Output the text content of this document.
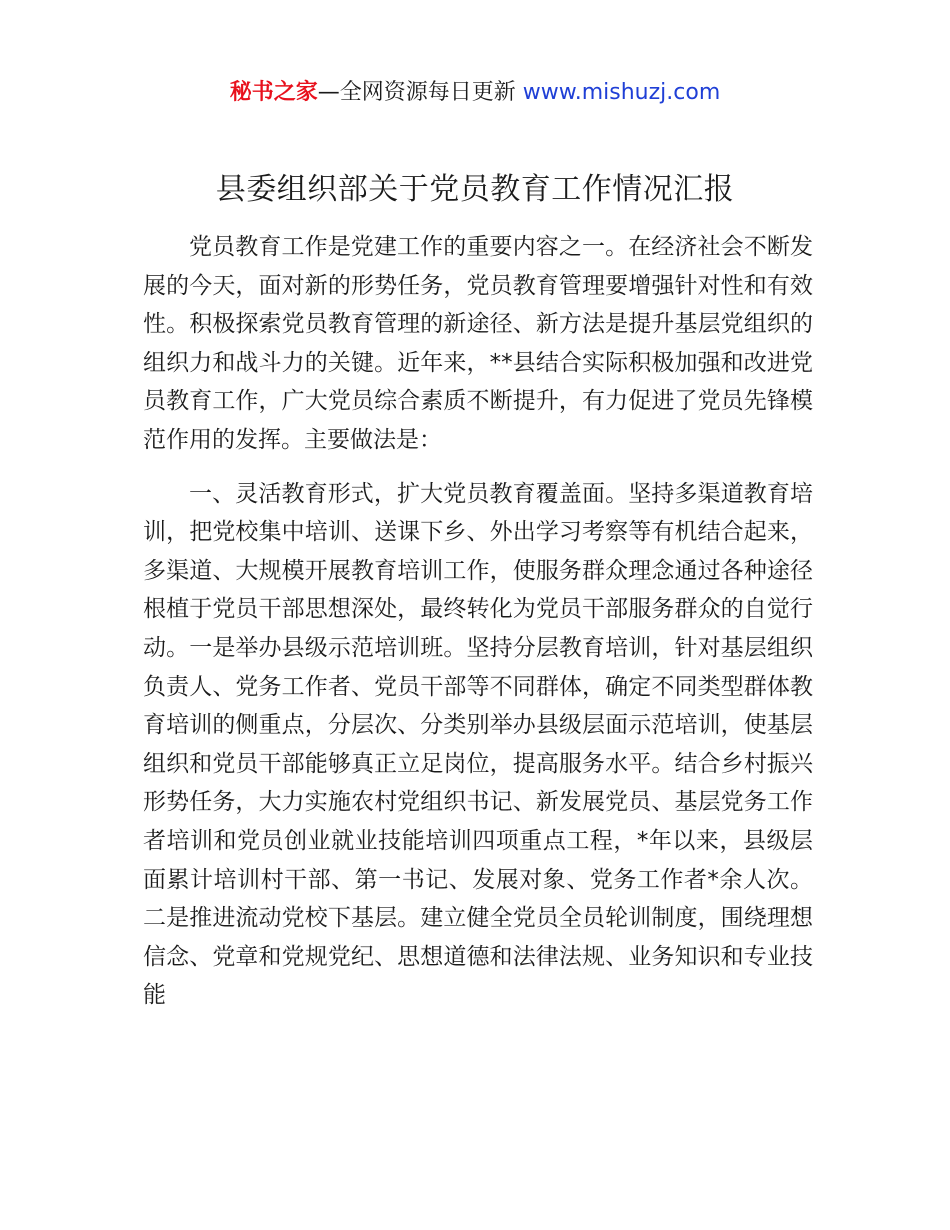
秘书之家—全网资源每日更新 www.mishuzj.com
县委组织部关于党员教育工作情况汇报

党员教育工作是党建工作的重要内容之一。在经济社会不断发展的今天，面对新的形势任务，党员教育管理要增强针对性和有效性。积极探索党员教育管理的新途径、新方法是提升基层党组织的组织力和战斗力的关键。近年来，**县结合实际积极加强和改进党员教育工作，广大党员综合素质不断提升，有力促进了党员先锋模范作用的发挥。主要做法是：

一、灵活教育形式，扩大党员教育覆盖面。坚持多渠道教育培训，把党校集中培训、送课下乡、外出学习考察等有机结合起来，多渠道、大规模开展教育培训工作，使服务群众理念通过各种途径根植于党员干部思想深处，最终转化为党员干部服务群众的自觉行动。一是举办县级示范培训班。坚持分层教育培训，针对基层组织负责人、党务工作者、党员干部等不同群体，确定不同类型群体教育培训的侧重点，分层次、分类别举办县级层面示范培训，使基层组织和党员干部能够真正立足岗位，提高服务水平。结合乡村振兴形势任务，大力实施农村党组织书记、新发展党员、基层党务工作者培训和党员创业就业技能培训四项重点工程，*年以来，县级层面累计培训村干部、第一书记、发展对象、党务工作者*余人次。二是推进流动党校下基层。建立健全党员全员轮训制度，围绕理想信念、党章和党规党纪、思想道德和法律法规、业务知识和专业技能
